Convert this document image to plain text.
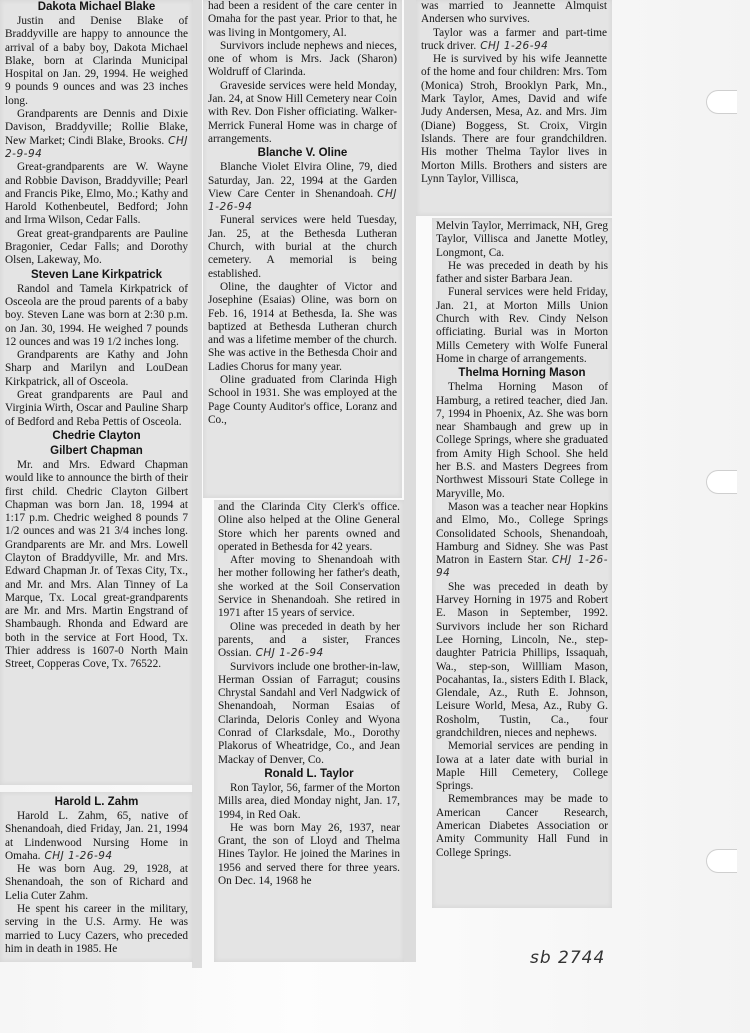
Dakota Michael Blake

Justin and Denise Blake of Braddyville are happy to announce the arrival of a baby boy, Dakota Michael Blake, born at Clarinda Municipal Hospital on Jan. 29, 1994. He weighed 9 pounds 9 ounces and was 23 inches long.

Grandparents are Dennis and Dixie Davison, Braddyville; Rollie Blake, New Market; Cindi Blake, Brooks. CHJ 2-9-94

Great-grandparents are W. Wayne and Robbie Davison, Braddyville; Pearl and Francis Pike, Elmo, Mo.; Kathy and Harold Kothenbeutel, Bedford; John and Irma Wilson, Cedar Falls.

Great great-grandparents are Pauline Bragonier, Cedar Falls; and Dorothy Olsen, Lakeway, Mo.

Steven Lane Kirkpatrick

Randol and Tamela Kirkpatrick of Osceola are the proud parents of a baby boy. Steven Lane was born at 2:30 p.m. on Jan. 30, 1994. He weighed 7 pounds 12 ounces and was 19 1/2 inches long.

Grandparents are Kathy and John Sharp and Marilyn and LouDean Kirkpatrick, all of Osceola.

Great grandparents are Paul and Virginia Wirth, Oscar and Pauline Sharp of Bedford and Reba Pettis of Osceola.

Chedrie Clayton
Gilbert Chapman

Mr. and Mrs. Edward Chapman would like to announce the birth of their first child. Chedric Clayton Gilbert Chapman was born Jan. 18, 1994 at 1:17 p.m. Chedric weighed 8 pounds 7 1/2 ounces and was 21 3/4 inches long. Grandparents are Mr. and Mrs. Lowell Clayton of Braddyville, Mr. and Mrs. Edward Chapman Jr. of Texas City, Tx., and Mr. and Mrs. Alan Tinney of La Marque, Tx. Local great-grandparents are Mr. and Mrs. Martin Engstrand of Shambaugh. Rhonda and Edward are both in the service at Fort Hood, Tx. Thier address is 1607-0 North Main Street, Copperas Cove, Tx. 76522.

Harold L. Zahm

Harold L. Zahm, 65, native of Shenandoah, died Friday, Jan. 21, 1994 at Lindenwood Nursing Home in Omaha. CHJ 1-26-94

He was born Aug. 29, 1928, at Shenandoah, the son of Richard and Lelia Cuter Zahm.

He spent his career in the military, serving in the U.S. Army. He was married to Lucy Cazers, who preceded him in death in 1985. He

had been a resident of the care center in Omaha for the past year. Prior to that, he was living in Montgomery, Al.

Survivors include nephews and nieces, one of whom is Mrs. Jack (Sharon) Woldruff of Clarinda.

Graveside services were held Monday, Jan. 24, at Snow Hill Cemetery near Coin with Rev. Don Fisher officiating. Walker-Merrick Funeral Home was in charge of arrangements.

Blanche V. Oline

Blanche Violet Elvira Oline, 79, died Saturday, Jan. 22, 1994 at the Garden View Care Center in Shenandoah. CHJ 1-26-94

Funeral services were held Tuesday, Jan. 25, at the Bethesda Lutheran Church, with burial at the church cemetery. A memorial is being established.

Oline, the daughter of Victor and Josephine (Esaias) Oline, was born on Feb. 16, 1914 at Bethesda, Ia. She was baptized at Bethesda Lutheran church and was a lifetime member of the church. She was active in the Bethesda Choir and Ladies Chorus for many year.

Oline graduated from Clarinda High School in 1931. She was employed at the Page County Auditor's office, Loranz and Co.,

and the Clarinda City Clerk's office. Oline also helped at the Oline General Store which her parents owned and operated in Bethesda for 42 years.

After moving to Shenandoah with her mother following her father's death, she worked at the Soil Conservation Service in Shenandoah. She retired in 1971 after 15 years of service.

Oline was preceded in death by her parents, and a sister, Frances Ossian. CHJ 1-26-94

Survivors include one brother-in-law, Herman Ossian of Farragut; cousins Chrystal Sandahl and Verl Nadgwick of Shenandoah, Norman Esaias of Clarinda, Deloris Conley and Wyona Conrad of Clarksdale, Mo., Dorothy Plakorus of Wheatridge, Co., and Jean Mackay of Denver, Co.

Ronald L. Taylor

Ron Taylor, 56, farmer of the Morton Mills area, died Monday night, Jan. 17, 1994, in Red Oak.

He was born May 26, 1937, near Grant, the son of Lloyd and Thelma Hines Taylor. He joined the Marines in 1956 and served there for three years. On Dec. 14, 1968 he

was married to Jeannette Almquist Andersen who survives.

Taylor was a farmer and part-time truck driver. CHJ 1-26-94

He is survived by his wife Jeannette of the home and four children: Mrs. Tom (Monica) Stroh, Brooklyn Park, Mn., Mark Taylor, Ames, David and wife Judy Andersen, Mesa, Az. and Mrs. Jim (Diane) Boggess, St. Croix, Virgin Islands. There are four grandchildren. His mother Thelma Taylor lives in Morton Mills. Brothers and sisters are Lynn Taylor, Villisca,

Melvin Taylor, Merrimack, NH, Greg Taylor, Villisca and Janette Motley, Longmont, Ca.

He was preceded in death by his father and sister Barbara Jean.

Funeral services were held Friday, Jan. 21, at Morton Mills Union Church with Rev. Cindy Nelson officiating. Burial was in Morton Mills Cemetery with Wolfe Funeral Home in charge of arrangements.

Thelma Horning Mason

Thelma Horning Mason of Hamburg, a retired teacher, died Jan. 7, 1994 in Phoenix, Az. She was born near Shambaugh and grew up in College Springs, where she graduated from Amity High School. She held her B.S. and Masters Degrees from Northwest Missouri State College in Maryville, Mo.

Mason was a teacher near Hopkins and Elmo, Mo., College Springs Consolidated Schools, Shenandoah, Hamburg and Sidney. She was Past Matron in Eastern Star. CHJ 1-26-94

She was preceded in death by Harvey Horning in 1975 and Robert E. Mason in September, 1992. Survivors include her son Richard Lee Horning, Lincoln, Ne., step-daughter Patricia Phillips, Issaquah, Wa., step-son, Willliam Mason, Pocahantas, Ia., sisters Edith I. Black, Glendale, Az., Ruth E. Johnson, Leisure World, Mesa, Az., Ruby G. Rosholm, Tustin, Ca., four grandchildren, nieces and nephews.

Memorial services are pending in Iowa at a later date with burial in Maple Hill Cemetery, College Springs.

Remembrances may be made to American Cancer Research, American Diabetes Association or Amity Community Hall Fund in College Springs.

sb 2744
